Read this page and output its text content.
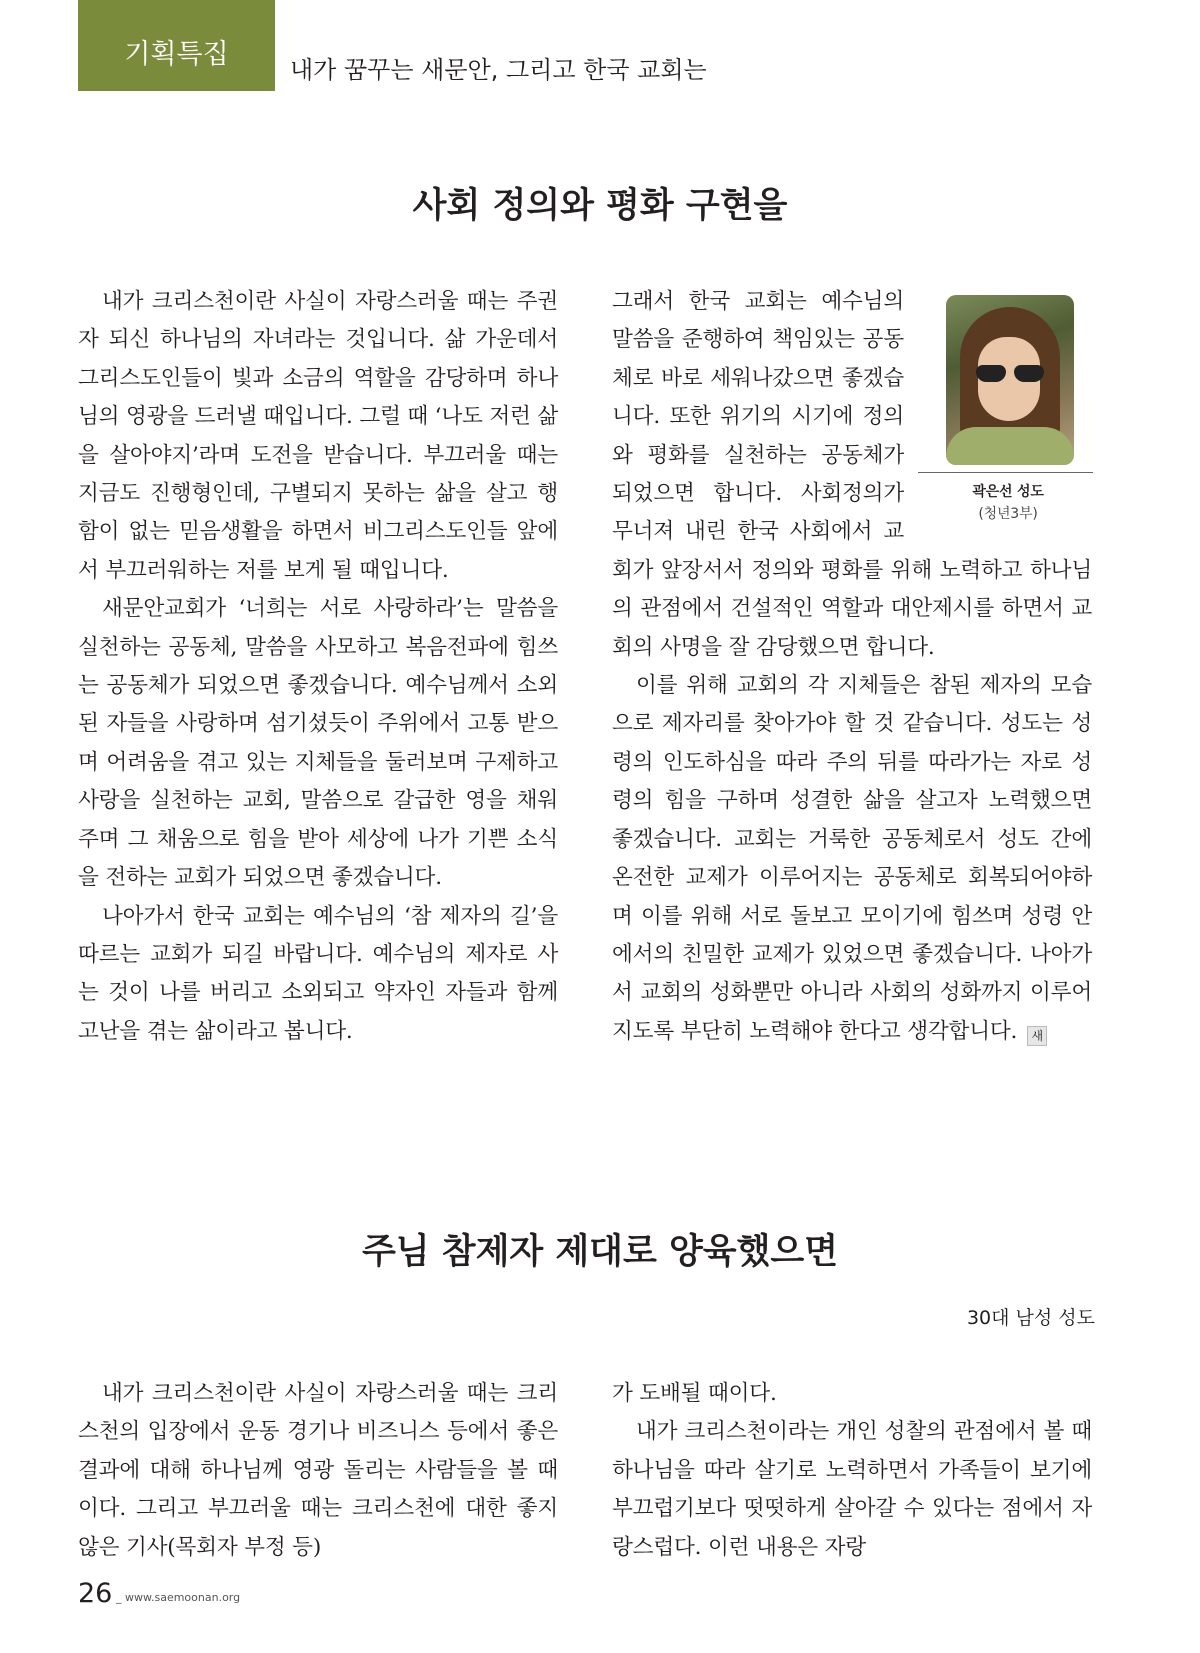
기획특집	내가 꿈꾸는 새문안, 그리고 한국 교회는
사회 정의와 평화 구현을

내가 크리스천이란 사실이 자랑스러울 때는 주권자 되신 하나님의 자녀라는 것입니다. 삶 가운데서 그리스도인들이 빛과 소금의 역할을 감당하며 하나님의 영광을 드러낼 때입니다. 그럴 때 ‘나도 저런 삶을 살아야지’라며 도전을 받습니다. 부끄러울 때는 지금도 진행형인데, 구별되지 못하는 삶을 살고 행함이 없는 믿음생활을 하면서 비그리스도인들 앞에서 부끄러워하는 저를 보게 될 때입니다.

새문안교회가 ‘너희는 서로 사랑하라’는 말씀을 실천하는 공동체, 말씀을 사모하고 복음전파에 힘쓰는 공동체가 되었으면 좋겠습니다. 예수님께서 소외된 자들을 사랑하며 섬기셨듯이 주위에서 고통 받으며 어려움을 겪고 있는 지체들을 둘러보며 구제하고 사랑을 실천하는 교회, 말씀으로 갈급한 영을 채워주며 그 채움으로 힘을 받아 세상에 나가 기쁜 소식을 전하는 교회가 되었으면 좋겠습니다.

나아가서 한국 교회는 예수님의 ‘참 제자의 길’을 따르는 교회가 되길 바랍니다. 예수님의 제자로 사는 것이 나를 버리고 소외되고 약자인 자들과 함께 고난을 겪는 삶이라고 봅니다.

곽은선 성도
(청년3부)

그래서 한국 교회는 예수님의 말씀을 준행하여 책임있는 공동체로 바로 세워나갔으면 좋겠습니다. 또한 위기의 시기에 정의와 평화를 실천하는 공동체가 되었으면 합니다. 사회정의가 무너져 내린 한국 사회에서 교회가 앞장서서 정의와 평화를 위해 노력하고 하나님의 관점에서 건설적인 역할과 대안제시를 하면서 교회의 사명을 잘 감당했으면 합니다.

이를 위해 교회의 각 지체들은 참된 제자의 모습으로 제자리를 찾아가야 할 것 같습니다. 성도는 성령의 인도하심을 따라 주의 뒤를 따라가는 자로 성령의 힘을 구하며 성결한 삶을 살고자 노력했으면 좋겠습니다. 교회는 거룩한 공동체로서 성도 간에 온전한 교제가 이루어지는 공동체로 회복되어야하며 이를 위해 서로 돌보고 모이기에 힘쓰며 성령 안에서의 친밀한 교제가 있었으면 좋겠습니다. 나아가서 교회의 성화뿐만 아니라 사회의 성화까지 이루어지도록 부단히 노력해야 한다고 생각합니다. 새

주님 참제자 제대로 양육했으면
30대 남성 성도

내가 크리스천이란 사실이 자랑스러울 때는 크리스천의 입장에서 운동 경기나 비즈니스 등에서 좋은 결과에 대해 하나님께 영광 돌리는 사람들을 볼 때이다. 그리고 부끄러울 때는 크리스천에 대한 좋지 않은 기사(목회자 부정 등)

가 도배될 때이다.

내가 크리스천이라는 개인 성찰의 관점에서 볼 때 하나님을 따라 살기로 노력하면서 가족들이 보기에 부끄럽기보다 떳떳하게 살아갈 수 있다는 점에서 자랑스럽다. 이런 내용은 자랑

26 _ www.saemoonan.org
